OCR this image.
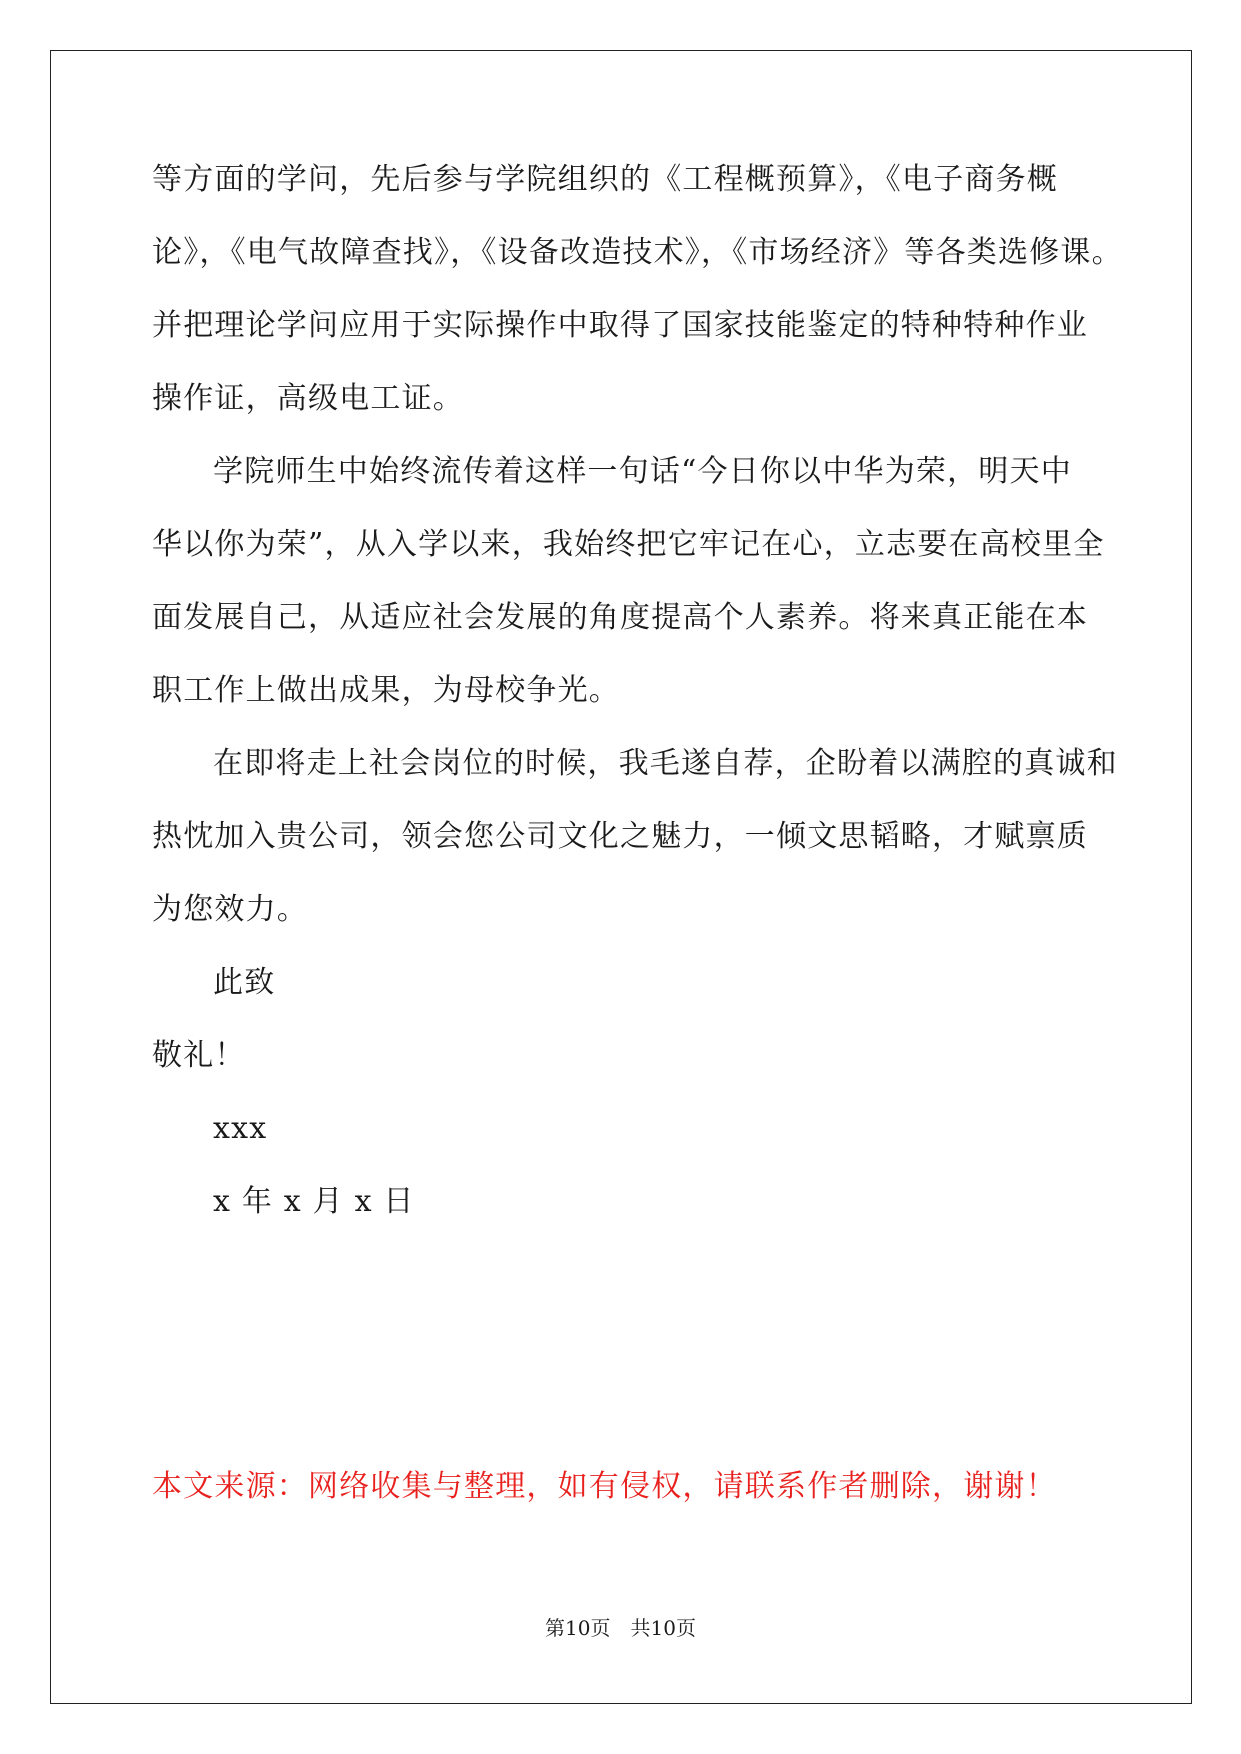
等方面的学问，先后参与学院组织的《工程概预算》，《电子商务概
论》，《电气故障查找》，《设备改造技术》，《市场经济》等各类选修课。
并把理论学问应用于实际操作中取得了国家技能鉴定的特种特种作业
操作证，高级电工证。
学院师生中始终流传着这样一句话“今日你以中华为荣，明天中
华以你为荣”，从入学以来，我始终把它牢记在心，立志要在高校里全
面发展自己，从适应社会发展的角度提高个人素养。将来真正能在本
职工作上做出成果，为母校争光。
在即将走上社会岗位的时候，我毛遂自荐，企盼着以满腔的真诚和
热忱加入贵公司，领会您公司文化之魅力，一倾文思韬略，才赋禀质
为您效力。
此致
敬礼！
xxx
x 年 x 月 x 日
本文来源：网络收集与整理，如有侵权，请联系作者删除，谢谢！
第10页　共10页
